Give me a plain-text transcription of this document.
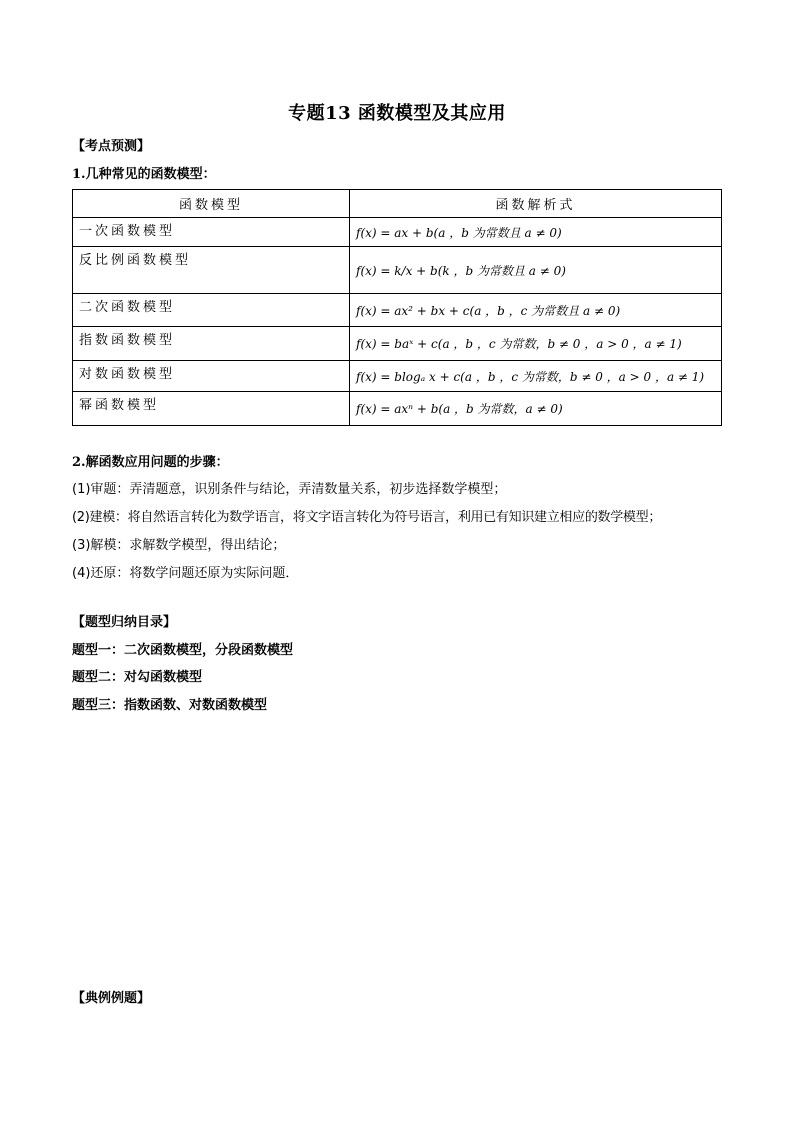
专题13 函数模型及其应用
【考点预测】
1.几种常见的函数模型：
函数模型	函数解析式
一次函数模型	f(x) = ax + b(a ，b 为常数且 a ≠ 0)
反比例函数模型	f(x) = k/x + b(k ，b 为常数且 a ≠ 0)
二次函数模型	f(x) = ax² + bx + c(a ，b ，c 为常数且 a ≠ 0)
指数函数模型	f(x) = baˣ + c(a ，b ，c 为常数，b ≠ 0 ，a > 0 ，a ≠ 1)
对数函数模型	f(x) = blogₐ x + c(a ，b ，c 为常数，b ≠ 0 ，a > 0 ，a ≠ 1)
幂函数模型	f(x) = axⁿ + b(a ，b 为常数，a ≠ 0)
2.解函数应用问题的步骤：
(1)审题：弄清题意，识别条件与结论，弄清数量关系，初步选择数学模型；
(2)建模：将自然语言转化为数学语言，将文字语言转化为符号语言，利用已有知识建立相应的数学模型；
(3)解模：求解数学模型，得出结论；
(4)还原：将数学问题还原为实际问题．
【题型归纳目录】
题型一：二次函数模型，分段函数模型
题型二：对勾函数模型
题型三：指数函数、对数函数模型
【典例例题】
